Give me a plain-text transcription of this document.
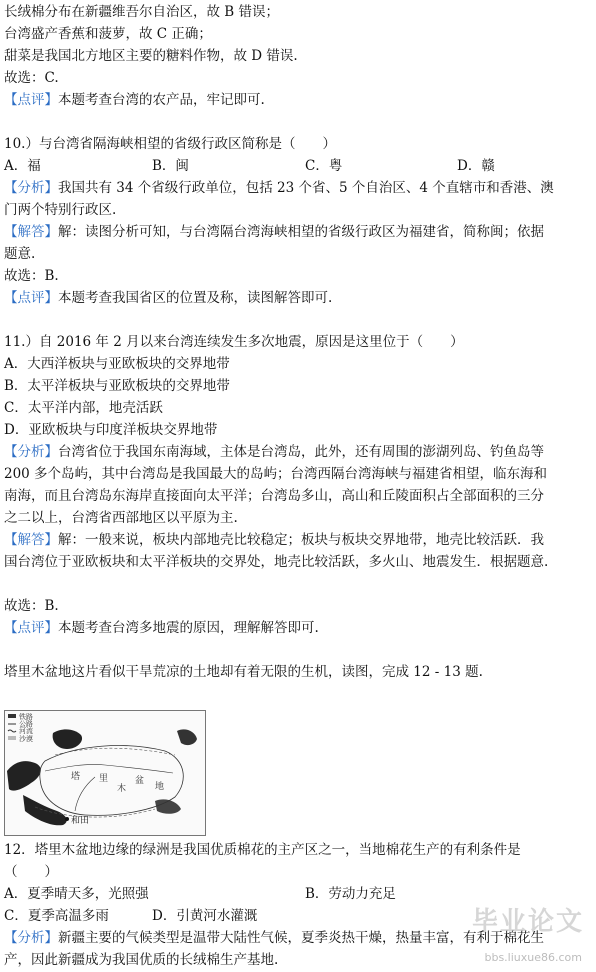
长绒棉分布在新疆维吾尔自治区，故 B 错误；
台湾盛产香蕉和菠萝，故 C 正确；
甜菜是我国北方地区主要的糖料作物，故 D 错误.
故选：C.
【点评】本题考查台湾的农产品，牢记即可.
10.）与台湾省隔海峡相望的省级行政区简称是（　　）
A．福	B．闽	C．粤	D．赣
【分析】我国共有 34 个省级行政单位，包括 23 个省、5 个自治区、4 个直辖市和香港、澳
门两个特别行政区.
【解答】解：读图分析可知，与台湾隔台湾海峡相望的省级行政区为福建省，简称闽；依据
题意.
故选：B.
【点评】本题考查我国省区的位置及称，读图解答即可.
11.）自 2016 年 2 月以来台湾连续发生多次地震，原因是这里位于（　　）
A．大西洋板块与亚欧板块的交界地带
B．太平洋板块与亚欧板块的交界地带
C．太平洋内部，地壳活跃
D．亚欧板块与印度洋板块交界地带
【分析】台湾省位于我国东南海域，主体是台湾岛，此外，还有周围的澎湖列岛、钓鱼岛等
200 多个岛屿，其中台湾岛是我国最大的岛屿；台湾西隔台湾海峡与福建省相望，临东海和
南海，而且台湾岛东海岸直接面向太平洋；台湾岛多山，高山和丘陵面积占全部面积的三分
之二以上，台湾省西部地区以平原为主.
【解答】解：一般来说，板块内部地壳比较稳定；板块与板块交界地带，地壳比较活跃．我
国台湾位于亚欧板块和太平洋板块的交界处，地壳比较活跃，多火山、地震发生．根据题意.
故选：B.
【点评】本题考查台湾多地震的原因，理解解答即可.
塔里木盆地这片看似干旱荒凉的土地却有着无限的生机，读图，完成 12 - 13 题.
铁路
公路
河流
沙漠
塔 里
木
盆
地
和田
12．塔里木盆地边缘的绿洲是我国优质棉花的主产区之一，当地棉花生产的有利条件是
（　　）
A．夏季晴天多，光照强	B．劳动力充足
C．夏季高温多雨	D．引黄河水灌溉
【分析】新疆主要的气候类型是温带大陆性气候，夏季炎热干燥，热量丰富，有利于棉花生
产，因此新疆成为我国优质的长绒棉生产基地.
毕业论文
bbs.liuxue86.com
